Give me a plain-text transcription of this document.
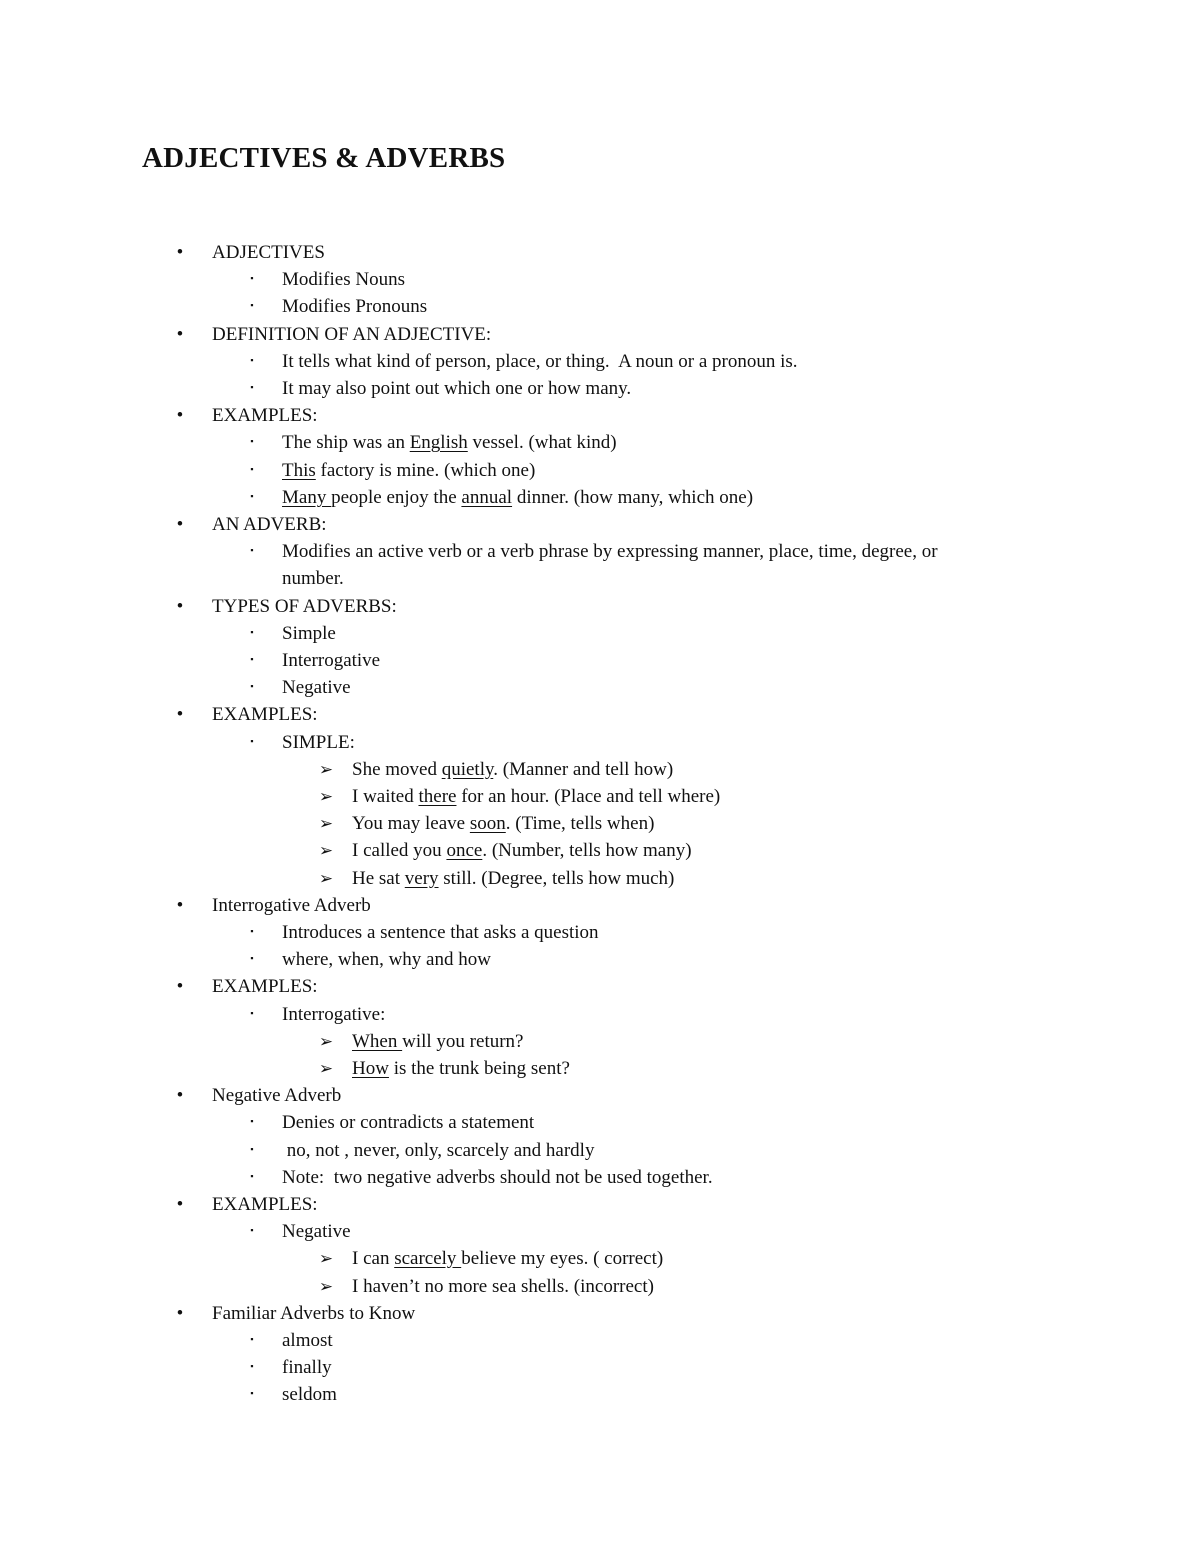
ADJECTIVES & ADVERBS
•	ADJECTIVES
▪	Modifies Nouns
▪	Modifies Pronouns
•	DEFINITION OF AN ADJECTIVE:
▪	It tells what kind of person, place, or thing.  A noun or a pronoun is.
▪	It may also point out which one or how many.
•	EXAMPLES:
▪	The ship was an English vessel. (what kind)
▪	This factory is mine. (which one)
▪	Many people enjoy the annual dinner. (how many, which one)
•	AN ADVERB:
▪	Modifies an active verb or a verb phrase by expressing manner, place, time, degree, or
number.
•	TYPES OF ADVERBS:
▪	Simple
▪	Interrogative
▪	Negative
•	EXAMPLES:
▪	SIMPLE:
➢ She moved quietly. (Manner and tell how)
➢ I waited there for an hour. (Place and tell where)
➢ You may leave soon. (Time, tells when)
➢ I called you once. (Number, tells how many)
➢ He sat very still. (Degree, tells how much)
•	Interrogative Adverb
▪	Introduces a sentence that asks a question
▪	where, when, why and how
•	EXAMPLES:
▪	Interrogative:
➢ When will you return?
➢ How is the trunk being sent?
•	Negative Adverb
▪	Denies or contradicts a statement
▪	no, not , never, only, scarcely and hardly
▪	Note:  two negative adverbs should not be used together.
•	EXAMPLES:
▪	Negative
➢ I can scarcely believe my eyes. ( correct)
➢ I haven’t no more sea shells. (incorrect)
•	Familiar Adverbs to Know
▪	almost
▪	finally
▪	seldom
